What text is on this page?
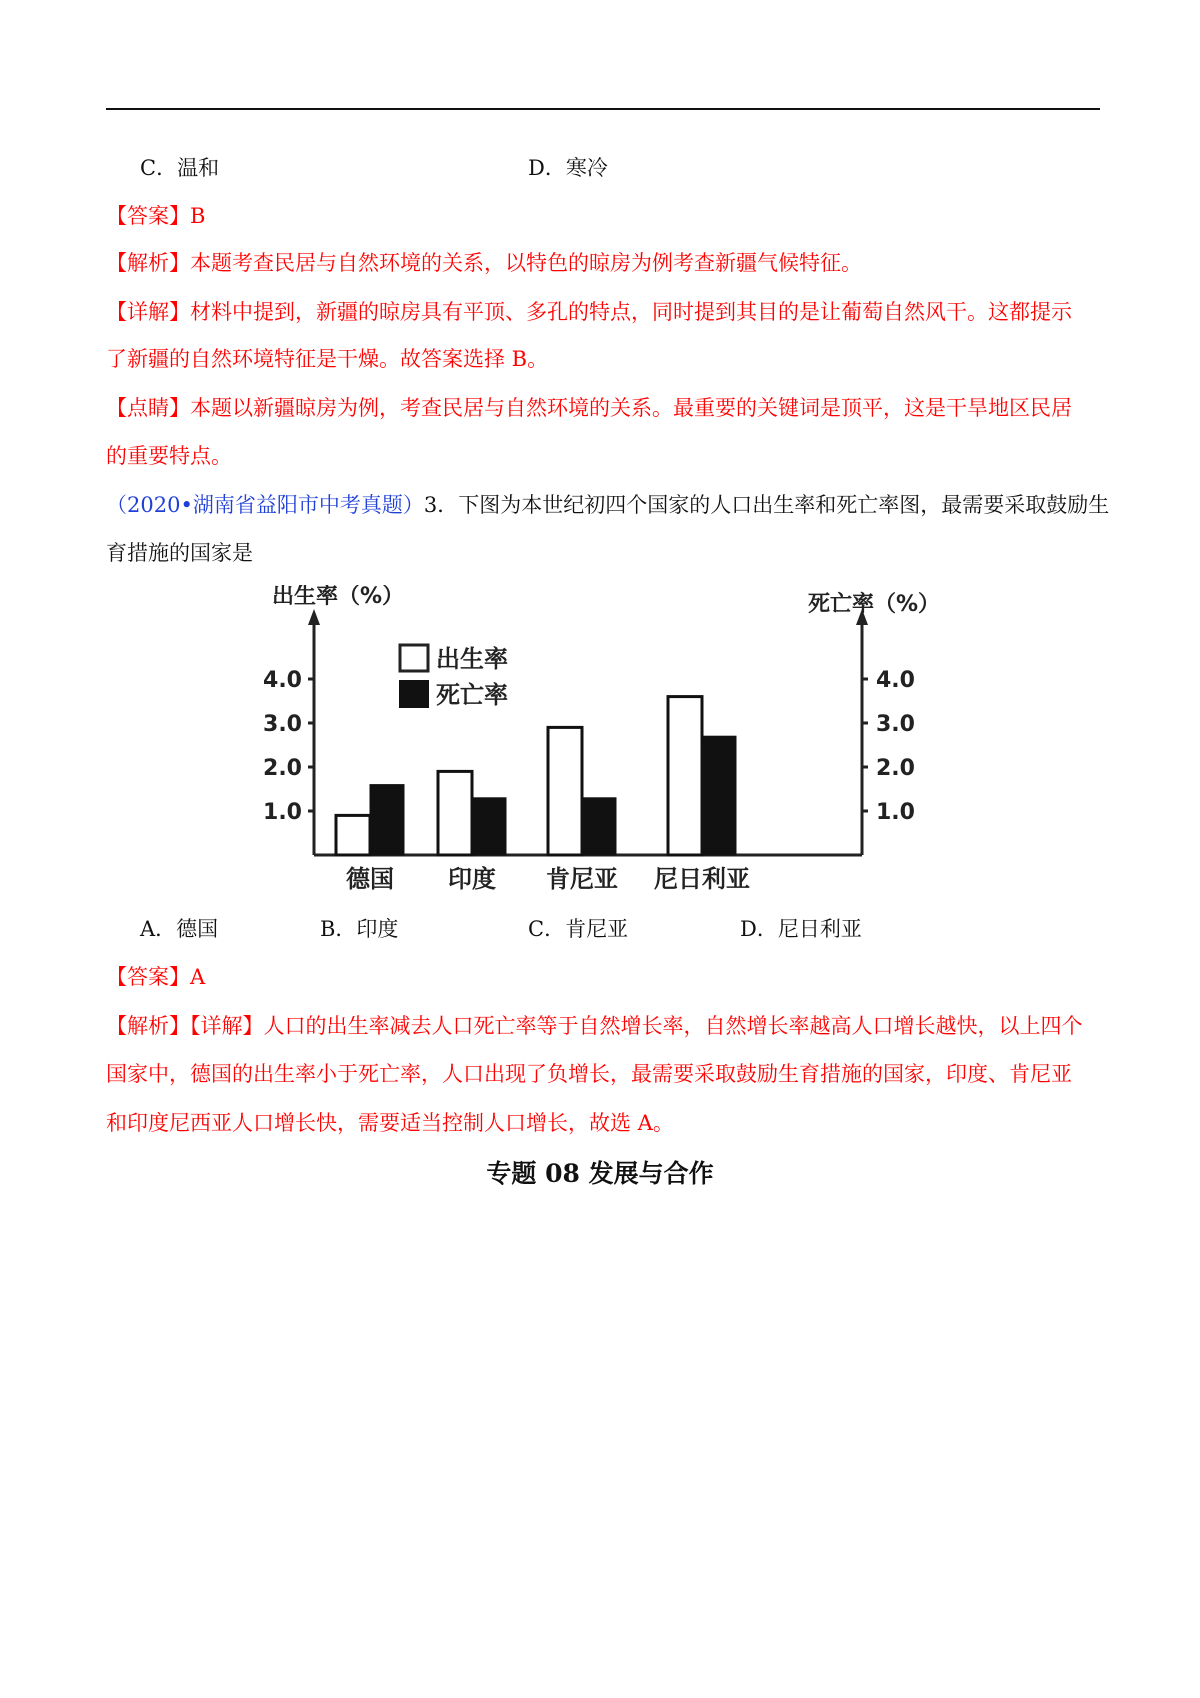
C．温和	D．寒冷
【答案】B
【解析】本题考查民居与自然环境的关系，以特色的晾房为例考查新疆气候特征。
【详解】材料中提到，新疆的晾房具有平顶、多孔的特点，同时提到其目的是让葡萄自然风干。这都提示
了新疆的自然环境特征是干燥。故答案选择 B。
【点睛】本题以新疆晾房为例，考查民居与自然环境的关系。最重要的关键词是顶平，这是干旱地区民居
的重要特点。
（2020•湖南省益阳市中考真题）3．下图为本世纪初四个国家的人口出生率和死亡率图，最需要采取鼓励生
育措施的国家是
出生率（%）	死亡率（%）
出生率
死亡率
1.0	1.0
2.0	2.0
3.0	3.0
4.0	4.0
德国 印度 肯尼亚 尼日利亚
A．德国	B．印度	C．肯尼亚	D．尼日利亚
【答案】A
【解析】【详解】人口的出生率减去人口死亡率等于自然增长率，自然增长率越高人口增长越快，以上四个
国家中，德国的出生率小于死亡率，人口出现了负增长，最需要采取鼓励生育措施的国家，印度、肯尼亚
和印度尼西亚人口增长快，需要适当控制人口增长，故选 A。
专题 08 发展与合作
